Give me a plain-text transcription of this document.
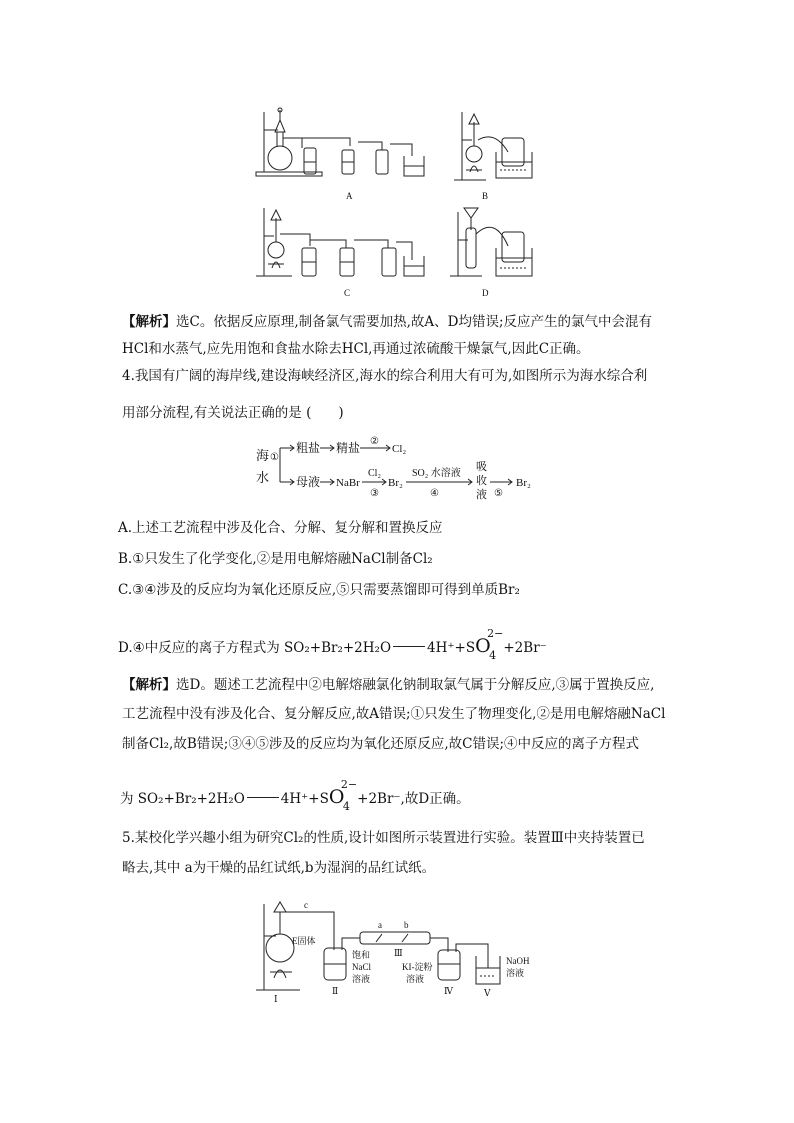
A	B
C	D
【解析】选C。依据反应原理,制备氯气需要加热,故A、D均错误;反应产生的氯气中会混有
HCl和水蒸气,应先用饱和食盐水除去HCl,再通过浓硫酸干燥氯气,因此C正确。
4.我国有广阔的海岸线,建设海峡经济区,海水的综合利用大有可为,如图所示为海水综合利
用部分流程,有关说法正确的是 (　　)
海
水
①
粗盐 精盐 ②
Cl₂
母液 NaBr
Cl₂
③
Br₂
SO₂ 水溶液
④
吸
收
液 ⑤
Br₂
A.上述工艺流程中涉及化合、分解、复分解和置换反应
B.①只发生了化学变化,②是用电解熔融NaCl制备Cl₂
C.③④涉及的反应均为氧化还原反应,⑤只需要蒸馏即可得到单质Br₂
D.④中反应的离子方程式为 SO₂+Br₂+2H₂O	4H⁺+SO
2−
4 +2Br⁻
【解析】选D。题述工艺流程中②电解熔融氯化钠制取氯气属于分解反应,③属于置换反应,
工艺流程中没有涉及化合、复分解反应,故A错误;①只发生了物理变化,②是用电解熔融NaCl
制备Cl₂,故B错误;③④⑤涉及的反应均为氧化还原反应,故C错误;④中反应的离子方程式
为 SO₂+Br₂+2H₂O	4H⁺+SO
2−
4 +2Br⁻,故D正确。
5.某校化学兴趣小组为研究Cl₂的性质,设计如图所示装置进行实验。装置Ⅲ中夹持装置已
略去,其中 a为干燥的品红试纸,b为湿润的品红试纸。
c
E固体
a b
Ⅲ
饱和
NaCl
溶液
KI-淀粉
溶液
NaOH
溶液
Ⅰ
Ⅱ	Ⅳ	Ⅴ
